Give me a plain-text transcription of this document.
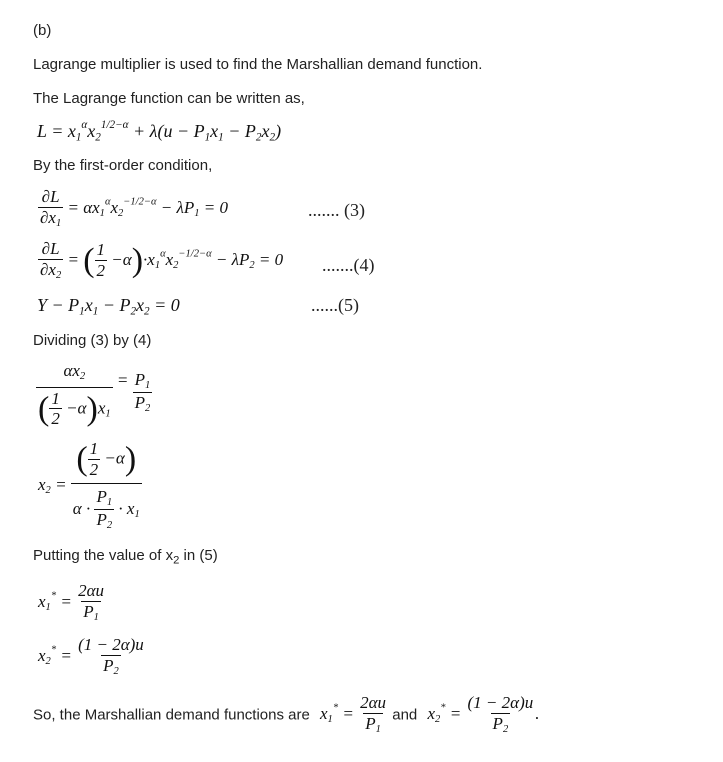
(b)
Lagrange multiplier is used to find the Marshallian demand function.
The Lagrange function can be written as,
$L = x_1^\alpha x_2^{1/2-\alpha} + \lambda(u - P_1x_1 - P_2x_2)$
By the first-order condition,
$\frac{\partial L}{\partial x_1} = \alpha x_1^\alpha x_2^{-1/2-\alpha} - \lambda P_1 = 0$	....... (3)
$\frac{\partial L}{\partial x_2}$ = ( $\frac{1}{2} -\alpha)\cdot x_1^\alpha x_2^{-1/2-\alpha} - \lambda P_2 = 0$ .......(4)
$Y - P_1x_1 - P_2x_2 = 0$	......(5)
Dividing (3) by (4)
$\frac{\alpha x_2}{( \frac{1}{2} -\alpha)x_1} = \frac{P_1}{P_2}$
$x_2 = \frac{( \frac{1}{2} -\alpha)}{\alpha \cdot \frac{P_1}{P_2} \cdot x_1}$
Putting the value of $x_2$ in (5)
$x_1^* = \frac{2\alpha u}{P_1}$
$x_2^* = \frac{(1 - 2\alpha)u}{P_2}$
So, the Marshallian demand functions are $x_1^* = \frac{2\alpha u}{P_1}$ and $x_2^* = \frac{(1 - 2\alpha)u}{P_2}$ .
